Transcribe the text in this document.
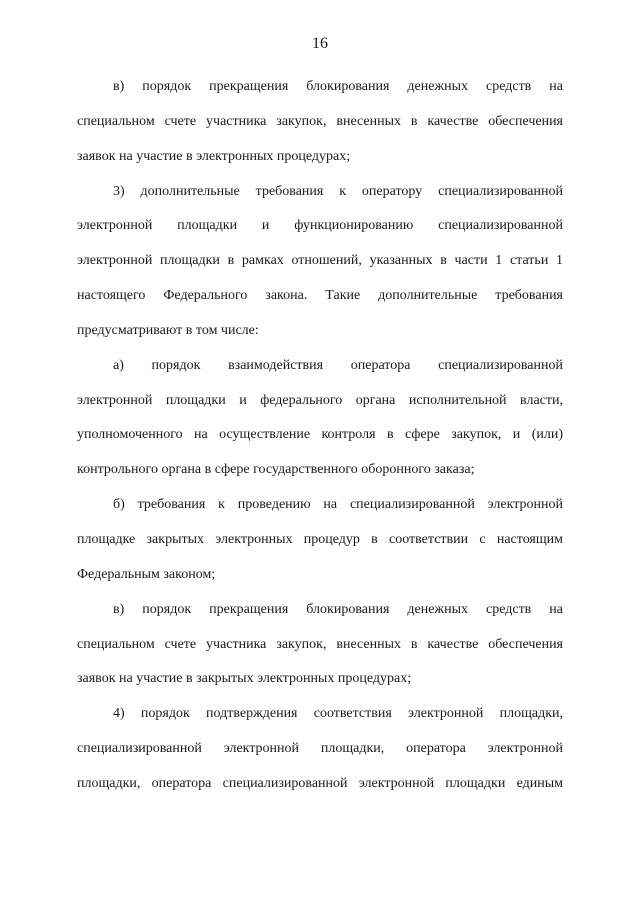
16
в) порядок прекращения блокирования денежных средств на
специальном счете участника закупок, внесенных в качестве обеспечения
заявок на участие в электронных процедурах;
3) дополнительные требования к оператору специализированной
электронной площадки и функционированию специализированной
электронной площадки в рамках отношений, указанных в части 1 статьи 1
настоящего Федерального закона. Такие дополнительные требования
предусматривают в том числе:
а) порядок взаимодействия оператора специализированной
электронной площадки и федерального органа исполнительной власти,
уполномоченного на осуществление контроля в сфере закупок, и (или)
контрольного органа в сфере государственного оборонного заказа;
б) требования к проведению на специализированной электронной
площадке закрытых электронных процедур в соответствии с настоящим
Федеральным законом;
в) порядок прекращения блокирования денежных средств на
специальном счете участника закупок, внесенных в качестве обеспечения
заявок на участие в закрытых электронных процедурах;
4) порядок подтверждения соответствия электронной площадки,
специализированной электронной площадки, оператора электронной
площадки, оператора специализированной электронной площадки единым
